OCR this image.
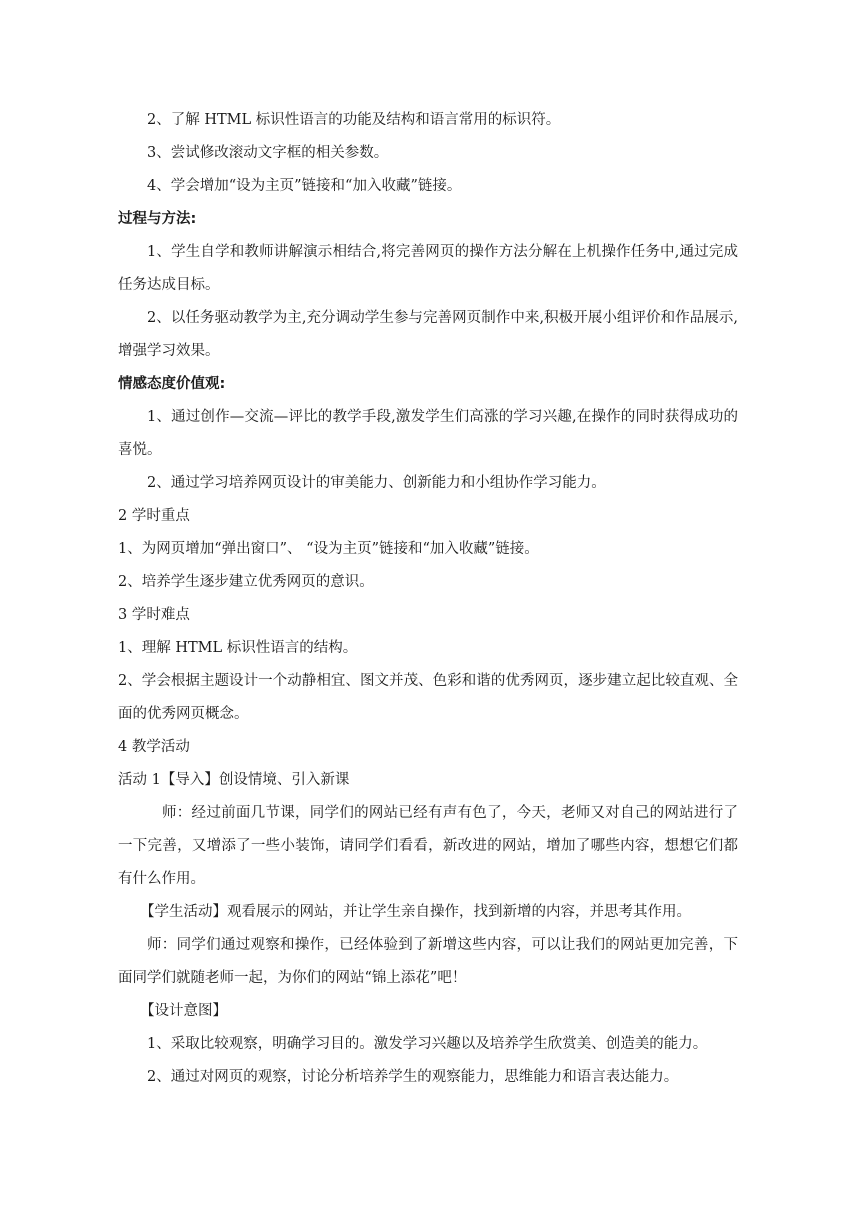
2、了解 HTML 标识性语言的功能及结构和语言常用的标识符。

3、尝试修改滚动文字框的相关参数。

4、学会增加“设为主页”链接和“加入收藏”链接。

过程与方法:

1、学生自学和教师讲解演示相结合,将完善网页的操作方法分解在上机操作任务中,通过完成任务达成目标。

2、以任务驱动教学为主,充分调动学生参与完善网页制作中来,积极开展小组评价和作品展示,增强学习效果。

情感态度价值观:

1、通过创作—交流—评比的教学手段,激发学生们高涨的学习兴趣,在操作的同时获得成功的喜悦。

2、通过学习培养网页设计的审美能力、创新能力和小组协作学习能力。

2 学时重点

1、为网页增加“弹出窗口”、 “设为主页”链接和“加入收藏”链接。

2、培养学生逐步建立优秀网页的意识。

3 学时难点

1、理解 HTML 标识性语言的结构。

2、学会根据主题设计一个动静相宜、图文并茂、色彩和谐的优秀网页，逐步建立起比较直观、全面的优秀网页概念。

4 教学活动

活动 1【导入】创设情境、引入新课

师：经过前面几节课，同学们的网站已经有声有色了，今天，老师又对自己的网站进行了一下完善，又增添了一些小装饰，请同学们看看，新改进的网站，增加了哪些内容，想想它们都有什么作用。

【学生活动】观看展示的网站，并让学生亲自操作，找到新增的内容，并思考其作用。

师：同学们通过观察和操作，已经体验到了新增这些内容，可以让我们的网站更加完善，下面同学们就随老师一起，为你们的网站“锦上添花”吧！

【设计意图】

1、采取比较观察，明确学习目的。激发学习兴趣以及培养学生欣赏美、创造美的能力。

2、通过对网页的观察，讨论分析培养学生的观察能力，思维能力和语言表达能力。
